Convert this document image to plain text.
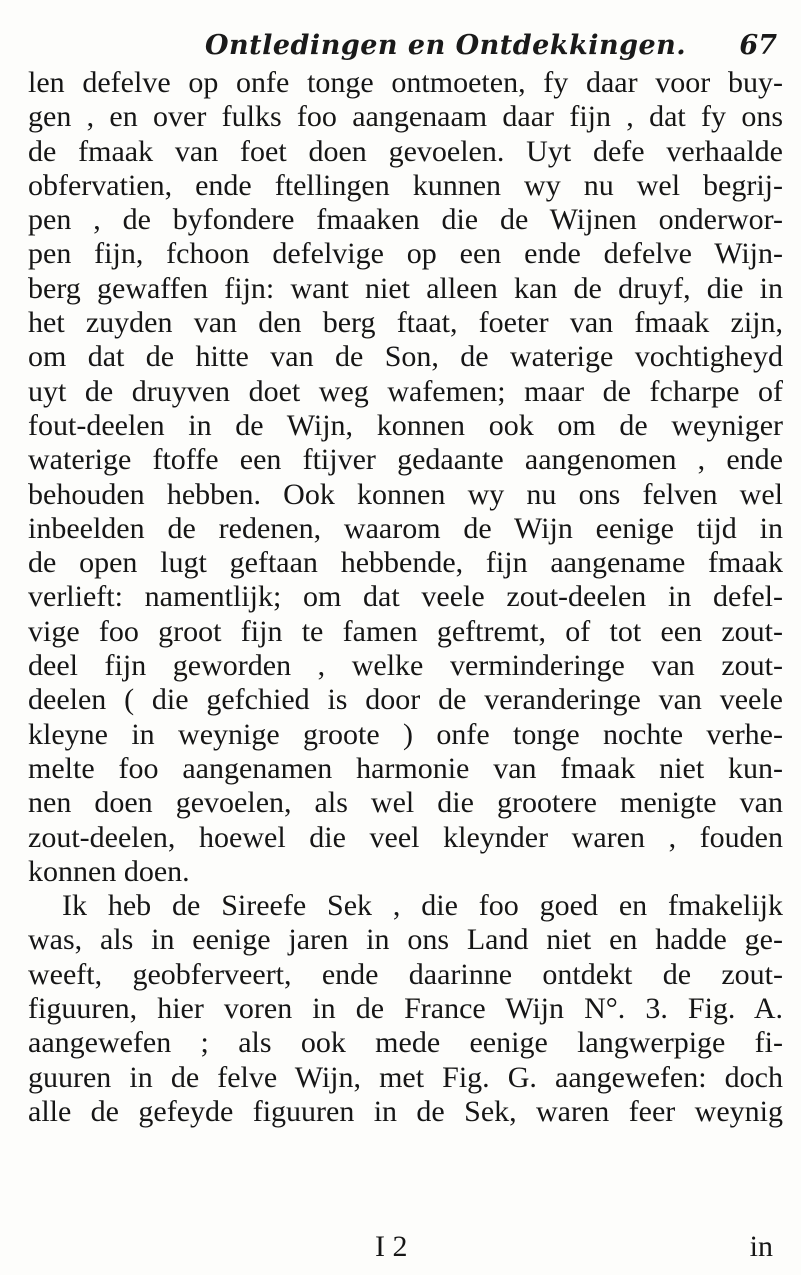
Ontledingen en Ontdekkingen. 67
len defelve op onfe tonge ontmoeten, fy daar voor buy-
gen , en over fulks foo aangenaam daar fijn , dat fy ons
de fmaak van foet doen gevoelen. Uyt defe verhaalde
obfervatien, ende ftellingen kunnen wy nu wel begrij-
pen , de byfondere fmaaken die de Wijnen onderwor-
pen fijn, fchoon defelvige op een ende defelve Wijn-
berg gewaffen fijn: want niet alleen kan de druyf, die in
het zuyden van den berg ftaat, foeter van fmaak zijn,
om dat de hitte van de Son, de waterige vochtigheyd
uyt de druyven doet weg wafemen; maar de fcharpe of
fout-deelen in de Wijn, konnen ook om de weyniger
waterige ftoffe een ftijver gedaante aangenomen , ende
behouden hebben. Ook konnen wy nu ons felven wel
inbeelden de redenen, waarom de Wijn eenige tijd in
de open lugt geftaan hebbende, fijn aangename fmaak
verlieft: namentlijk; om dat veele zout-deelen in defel-
vige foo groot fijn te famen geftremt, of tot een zout-
deel fijn geworden , welke verminderinge van zout-
deelen ( die gefchied is door de veranderinge van veele
kleyne in weynige groote ) onfe tonge nochte verhe-
melte foo aangenamen harmonie van fmaak niet kun-
nen doen gevoelen, als wel die grootere menigte van
zout-deelen, hoewel die veel kleynder waren , fouden
konnen doen.
Ik heb de Sireefe Sek , die foo goed en fmakelijk
was, als in eenige jaren in ons Land niet en hadde ge-
weeft, geobferveert, ende daarinne ontdekt de zout-
figuuren, hier voren in de France Wijn N°. 3. Fig. A.
aangewefen ; als ook mede eenige langwerpige fi-
guuren in de felve Wijn, met Fig. G. aangewefen: doch
alle de gefeyde figuuren in de Sek, waren feer weynig
I 2	in
